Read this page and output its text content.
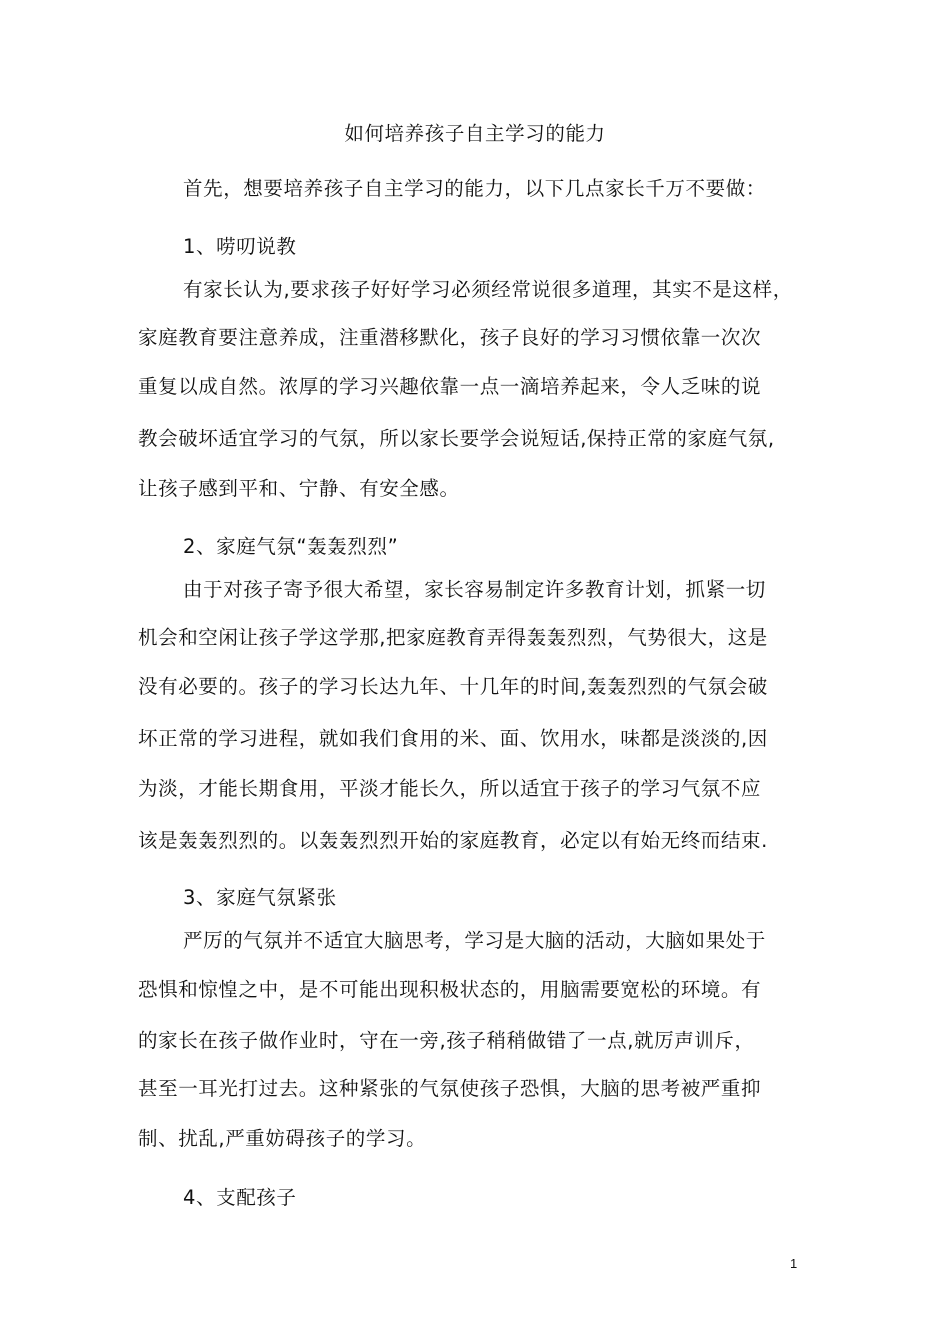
如何培养孩子自主学习的能力
首先，想要培养孩子自主学习的能力，以下几点家长千万不要做：
1、唠叨说教
有家长认为,要求孩子好好学习必须经常说很多道理，其实不是这样，
家庭教育要注意养成，注重潜移默化，孩子良好的学习习惯依靠一次次
重复以成自然。浓厚的学习兴趣依靠一点一滴培养起来，令人乏味的说
教会破坏适宜学习的气氛，所以家长要学会说短话,保持正常的家庭气氛,
让孩子感到平和、宁静、有安全感。
2、家庭气氛“轰轰烈烈”
由于对孩子寄予很大希望，家长容易制定许多教育计划，抓紧一切
机会和空闲让孩子学这学那,把家庭教育弄得轰轰烈烈，气势很大，这是
没有必要的。孩子的学习长达九年、十几年的时间,轰轰烈烈的气氛会破
坏正常的学习进程，就如我们食用的米、面、饮用水，味都是淡淡的,因
为淡，才能长期食用，平淡才能长久，所以适宜于孩子的学习气氛不应
该是轰轰烈烈的。以轰轰烈烈开始的家庭教育，必定以有始无终而结束.
3、家庭气氛紧张
严厉的气氛并不适宜大脑思考，学习是大脑的活动，大脑如果处于
恐惧和惊惶之中，是不可能出现积极状态的，用脑需要宽松的环境。有
的家长在孩子做作业时，守在一旁,孩子稍稍做错了一点,就厉声训斥，
甚至一耳光打过去。这种紧张的气氛使孩子恐惧，大脑的思考被严重抑
制、扰乱,严重妨碍孩子的学习。
4、支配孩子
1
